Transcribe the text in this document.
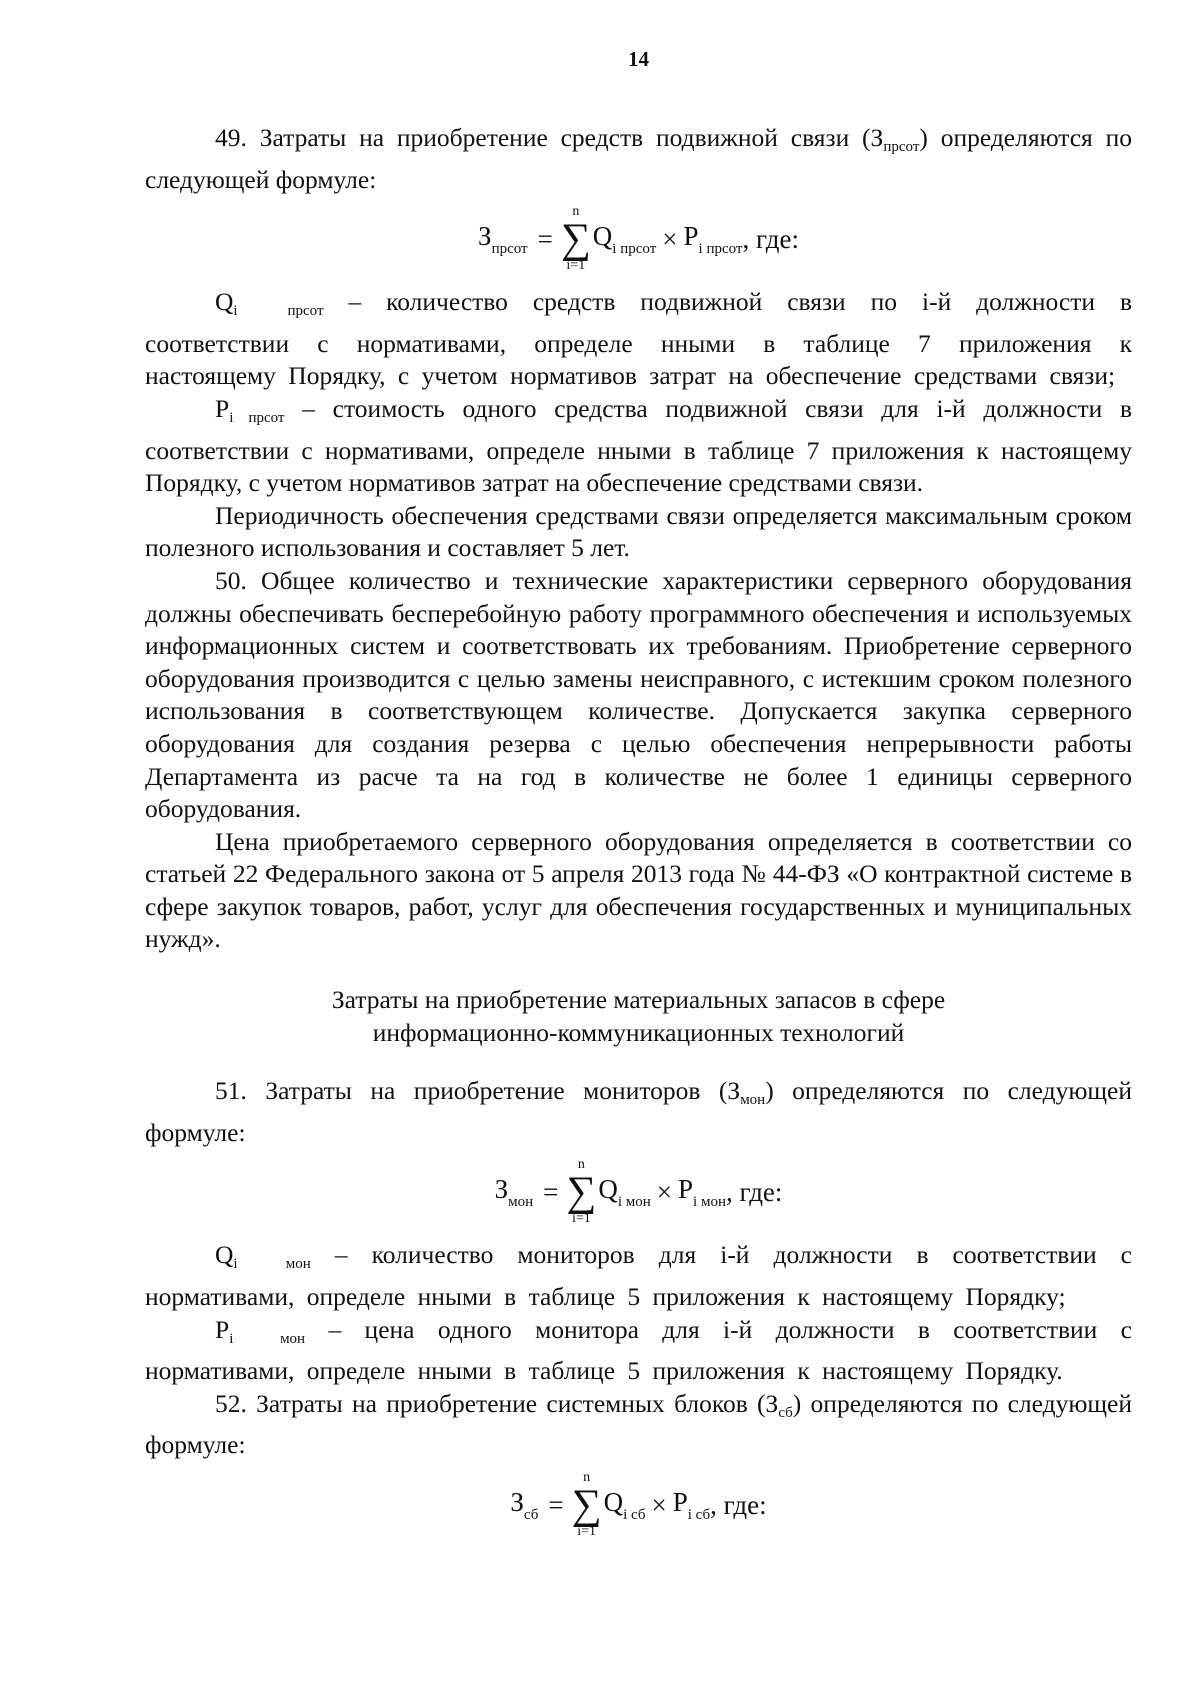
14

49. Затраты на приобретение средств подвижной связи $(З_{прсот})$ определяются по следующей формуле:

$З_{прсот}$ =
n
∑
i=1
$Q_{i прсот} \times P_{i прсот}$ , где:

$Q_i$	$_{прсот}$ – количество средств подвижной связи по i-й должности в соответствии с нормативами, определе нными в таблице 7 приложения к настоящему Порядку, с учетом нормативов затрат на обеспечение средствами связи;

$P_{i прсот}$ – стоимость одного средства подвижной связи для i-й должности в соответствии с нормативами, определе нными в таблице 7 приложения к настоящему Порядку, с учетом нормативов затрат на обеспечение средствами связи.

Периодичность обеспечения средствами связи определяется максимальным сроком полезного использования и составляет 5 лет.

50. Общее количество и технические характеристики серверного оборудования должны обеспечивать бесперебойную работу программного обеспечения и используемых информационных систем и соответствовать их требованиям. Приобретение серверного оборудования производится с целью замены неисправного, с истекшим сроком полезного использования в соответствующем количестве. Допускается закупка серверного оборудования для создания резерва с целью обеспечения непрерывности работы Департамента из расче та на год в количестве не более 1 единицы серверного оборудования.

Цена приобретаемого серверного оборудования определяется в соответствии со статьей 22 Федерального закона от 5 апреля 2013 года № 44-ФЗ «О контрактной системе в сфере закупок товаров, работ, услуг для обеспечения государственных и муниципальных нужд».

Затраты на приобретение материальных запасов в сфере
информационно-коммуникационных технологий

51. Затраты на приобретение мониторов $(З_{мон})$ определяются по следующей формуле:

$З_{мон}$ =
n
∑
i=1
$Q_{i мон} \times P_{i мон}$ , где:

$Q_i$	$_{мон}$ – количество мониторов для i-й должности в соответствии с нормативами, определе нными в таблице 5 приложения к настоящему Порядку;

$P_i$	$_{мон}$ – цена одного монитора для i-й должности в соответствии с нормативами, определе нными в таблице 5 приложения к настоящему Порядку.

52. Затраты на приобретение системных блоков $(З_{сб})$ определяются по следующей формуле:

$З_{сб}$ =
n
∑
i=1
$Q_{i сб} \times P_{i сб}$ , где:
